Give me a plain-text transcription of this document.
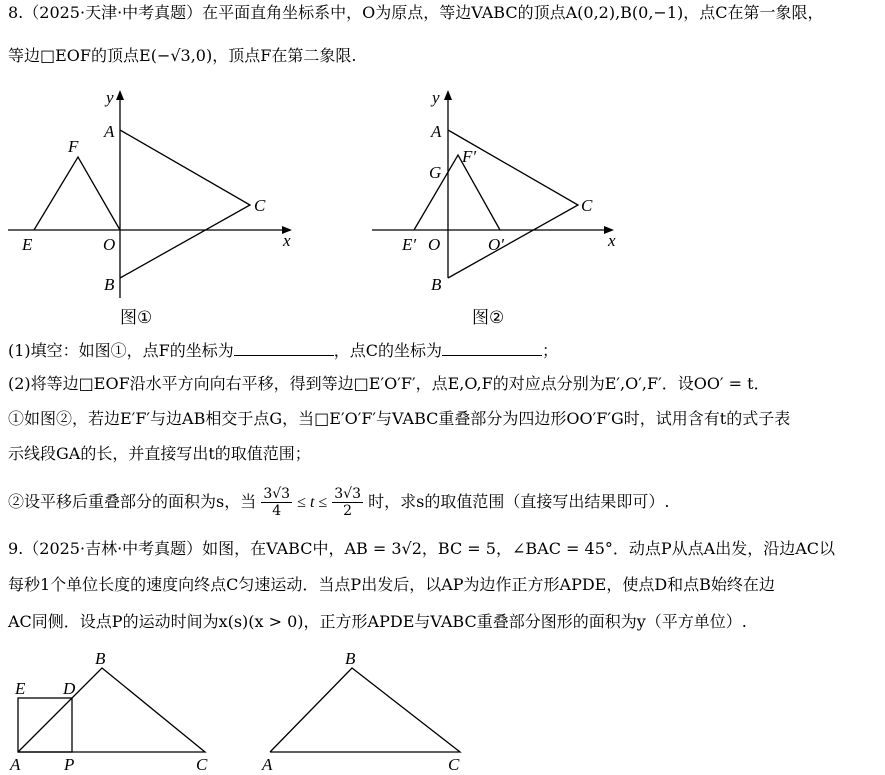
8.（2025·天津·中考真题）在平面直角坐标系中，O为原点，等边VABC的顶点A(0,2),B(0,−1)，点C在第一象限，
等边□EOF的顶点E(−√3,0)，顶点F在第二象限.
y
x
A
B
C
E
F
O
图①
y
x
A
B
C
G
F′
E′ O	O′
图②
(1)填空：如图①，点F的坐标为	，点C的坐标为	；
(2)将等边□EOF沿水平方向向右平移，得到等边□E′O′F′，点E,O,F的对应点分别为E′,O′,F′．设OO′ = t．
①如图②，若边E′F′与边AB相交于点G，当□E′O′F′与VABC重叠部分为四边形OO′F′G时，试用含有t的式子表
示线段GA的长，并直接写出t的取值范围；
②设平移后重叠部分的面积为s，当 $\frac{3√3}{4} \le t \le \frac{3√3}{2}$ 时，求s的取值范围（直接写出结果即可）.
9.（2025·吉林·中考真题）如图，在VABC中，AB = 3√2，BC = 5，∠BAC = 45°．动点P从点A出发，沿边AC以
每秒1个单位长度的速度向终点C匀速运动．当点P出发后，以AP为边作正方形APDE，使点D和点B始终在边
AC同侧．设点P的运动时间为x(s)(x > 0)，正方形APDE与VABC重叠部分图形的面积为y（平方单位）.
A
B
C
D
E
P	A
B
C
